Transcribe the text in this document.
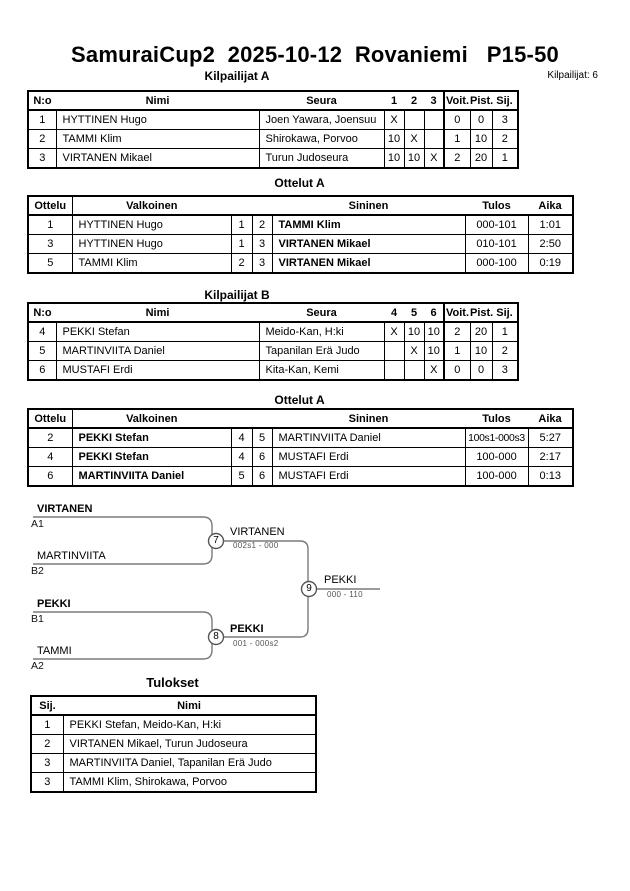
SamuraiCup2  2025-10-12  Rovaniemi   P15-50
Kilpailijat A	Kilpailijat: 6
N:o	Nimi	Seura	1	2	3	Voit.	Pist.	Sij.
1	HYTTINEN Hugo	Joen Yawara, Joensuu	X			0	0	3
2	TAMMI Klim	Shirokawa, Porvoo	10	X		1	10	2
3	VIRTANEN Mikael	Turun Judoseura	10	10	X	2	20	1
Ottelut A
Ottelu	Valkoinen			Sininen	Tulos	Aika
1	HYTTINEN Hugo	1	2	TAMMI Klim	000-101	1:01
3	HYTTINEN Hugo	1	3	VIRTANEN Mikael	010-101	2:50
5	TAMMI Klim	2	3	VIRTANEN Mikael	000-100	0:19
Kilpailijat B
N:o	Nimi	Seura	4	5	6	Voit.	Pist.	Sij.
4	PEKKI Stefan	Meido-Kan, H:ki	X	10	10	2	20	1
5	MARTINVIITA Daniel	Tapanilan Erä Judo		X	10	1	10	2
6	MUSTAFI Erdi	Kita-Kan, Kemi			X	0	0	3
Ottelut A
Ottelu	Valkoinen			Sininen	Tulos	Aika
2	PEKKI Stefan	4	5	MARTINVIITA Daniel	100s1-000s3	5:27
4	PEKKI Stefan	4	6	MUSTAFI Erdi	100-000	2:17
6	MARTINVIITA Daniel	5	6	MUSTAFI Erdi	100-000	0:13
VIRTANEN
A1
MARTINVIITA
B2
PEKKI
B1
TAMMI
A2
7
VIRTANEN
002s1 - 000
8
PEKKI
001 - 000s2
9
PEKKI
000 - 110
Tulokset
Sij.	Nimi
1	PEKKI Stefan, Meido-Kan, H:ki
2	VIRTANEN Mikael, Turun Judoseura
3	MARTINVIITA Daniel, Tapanilan Erä Judo
3	TAMMI Klim, Shirokawa, Porvoo
